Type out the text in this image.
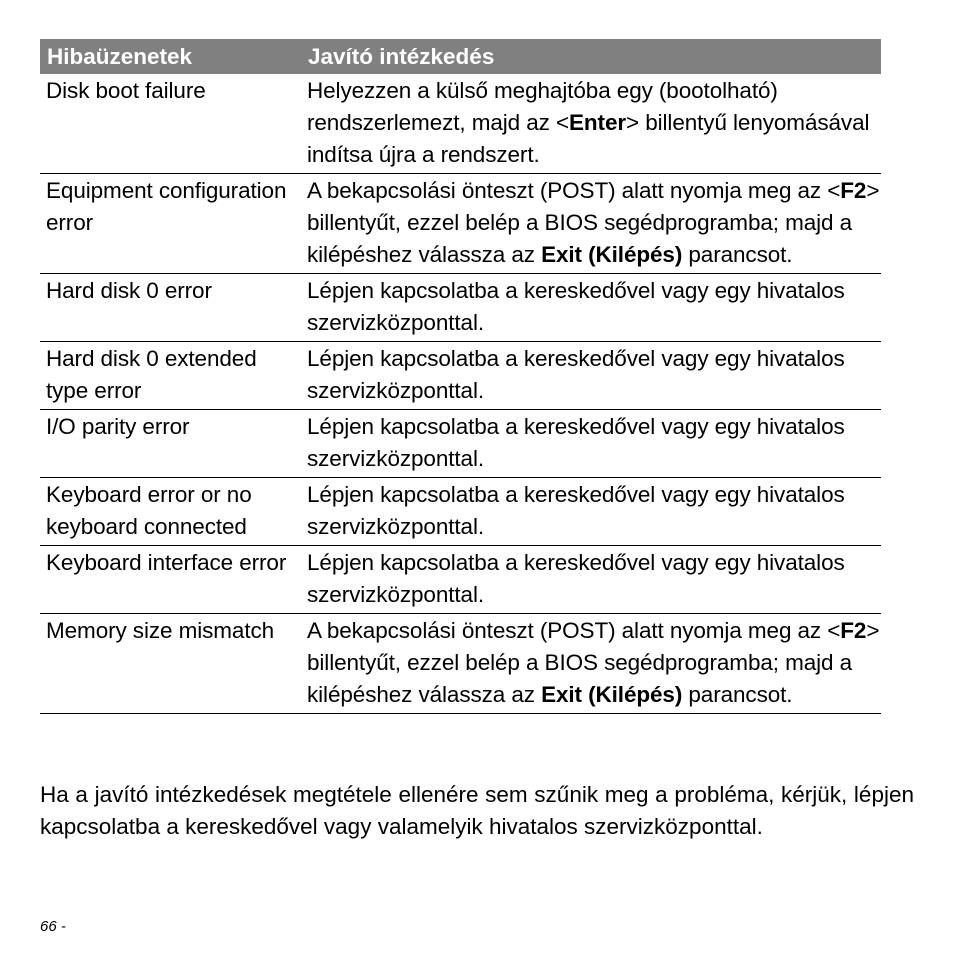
Hibaüzenetek	Javító intézkedés
Disk boot failure	Helyezzen a külső meghajtóba egy (bootolható) rendszerlemezt, majd az <Enter> billentyű lenyomásával indítsa újra a rendszert.
Equipment configuration error	A bekapcsolási önteszt (POST) alatt nyomja meg az <F2> billentyűt, ezzel belép a BIOS segédprogramba; majd a kilépéshez válassza az Exit (Kilépés) parancsot.
Hard disk 0 error	Lépjen kapcsolatba a kereskedővel vagy egy hivatalos szervizközponttal.
Hard disk 0 extended type error	Lépjen kapcsolatba a kereskedővel vagy egy hivatalos szervizközponttal.
I/O parity error	Lépjen kapcsolatba a kereskedővel vagy egy hivatalos szervizközponttal.
Keyboard error or no keyboard connected	Lépjen kapcsolatba a kereskedővel vagy egy hivatalos szervizközponttal.
Keyboard interface error	Lépjen kapcsolatba a kereskedővel vagy egy hivatalos szervizközponttal.
Memory size mismatch	A bekapcsolási önteszt (POST) alatt nyomja meg az <F2> billentyűt, ezzel belép a BIOS segédprogramba; majd a kilépéshez válassza az Exit (Kilépés) parancsot.

Ha a javító intézkedések megtétele ellenére sem szűnik meg a probléma, kérjük, lépjen kapcsolatba a kereskedővel vagy valamelyik hivatalos szervizközponttal.

66 -
